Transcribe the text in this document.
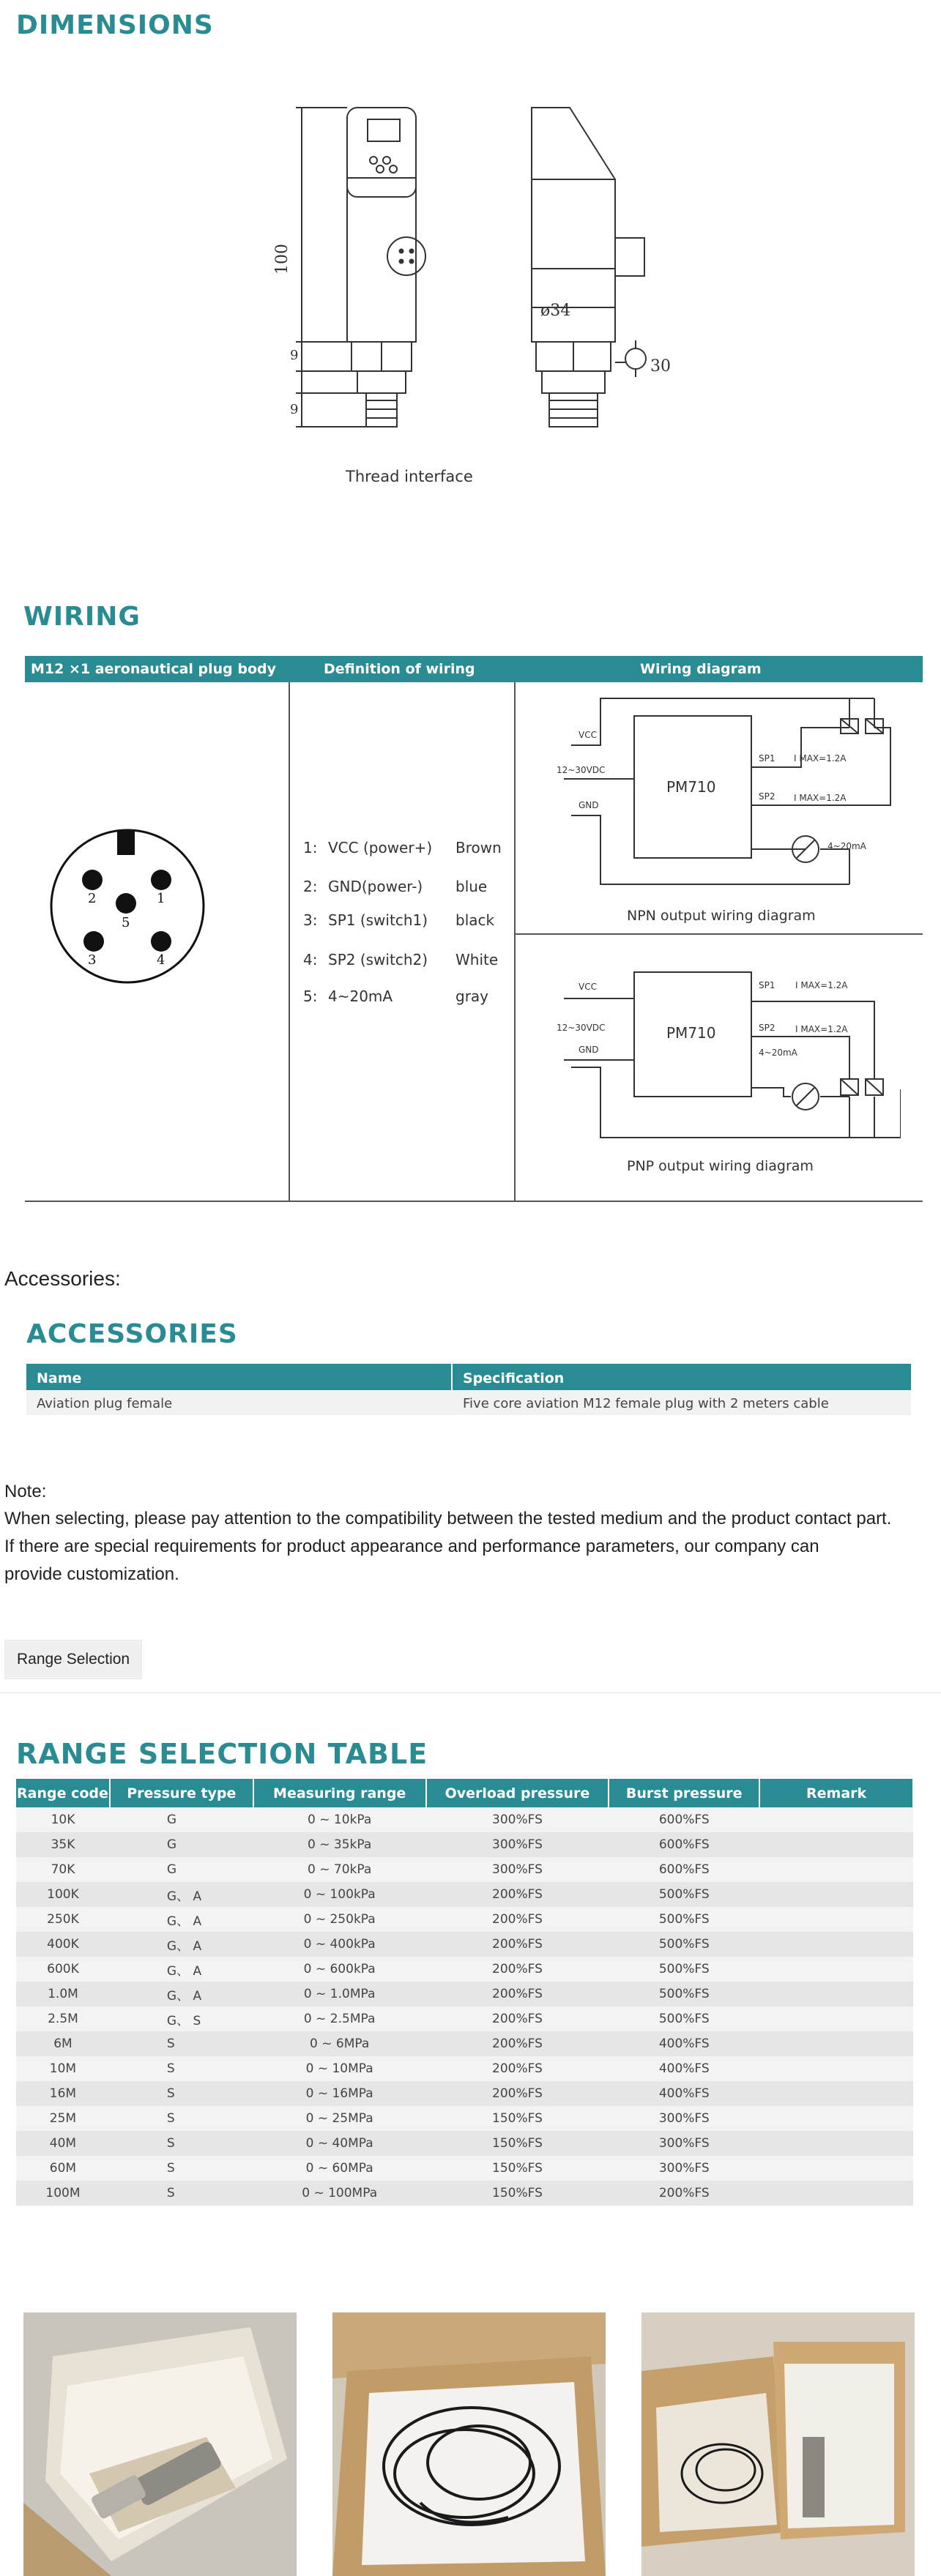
DIMENSIONS
100
9
9
ø34
30
Thread interface
WIRING
M12 ×1 aeronautical plug body	Definition of wiring	Wiring diagram
2	1
5
3	4
1: VCC (power+) Brown
2: GND(power-) blue
3: SP1 (switch1) black
4: SP2 (switch2) White
5: 4~20mA	gray
VCC
12~30VDC
GND
PM710
SP1 I MAX=1.2A
SP2 I MAX=1.2A
4~20mA
NPN output wiring diagram
VCC
12~30VDC
GND
PM710
SP1 I MAX=1.2A
SP2 I MAX=1.2A
4~20mA
PNP output wiring diagram
Accessories:
ACCESSORIES
Name	Specification
Aviation plug female	Five core aviation M12 female plug with 2 meters cable
Note:
When selecting, please pay attention to the compatibility between the tested medium and the product contact part.
If there are special requirements for product appearance and performance parameters, our company can
provide customization.
Range Selection
RANGE SELECTION TABLE
Range code	Pressure type	Measuring range	Overload pressure	Burst pressure	Remark
10K	G	0 ~ 10kPa	300%FS	600%FS	
35K	G	0 ~ 35kPa	300%FS	600%FS	
70K	G	0 ~ 70kPa	300%FS	600%FS	
100K	G、 A	0 ~ 100kPa	200%FS	500%FS	
250K	G、 A	0 ~ 250kPa	200%FS	500%FS	
400K	G、 A	0 ~ 400kPa	200%FS	500%FS	
600K	G、 A	0 ~ 600kPa	200%FS	500%FS	
1.0M	G、 A	0 ~ 1.0MPa	200%FS	500%FS	
2.5M	G、 S	0 ~ 2.5MPa	200%FS	500%FS	
6M	S	0 ~ 6MPa	200%FS	400%FS	
10M	S	0 ~ 10MPa	200%FS	400%FS	
16M	S	0 ~ 16MPa	200%FS	400%FS	
25M	S	0 ~ 25MPa	150%FS	300%FS	
40M	S	0 ~ 40MPa	150%FS	300%FS	
60M	S	0 ~ 60MPa	150%FS	300%FS	
100M	S	0 ~ 100MPa	150%FS	200%FS	
